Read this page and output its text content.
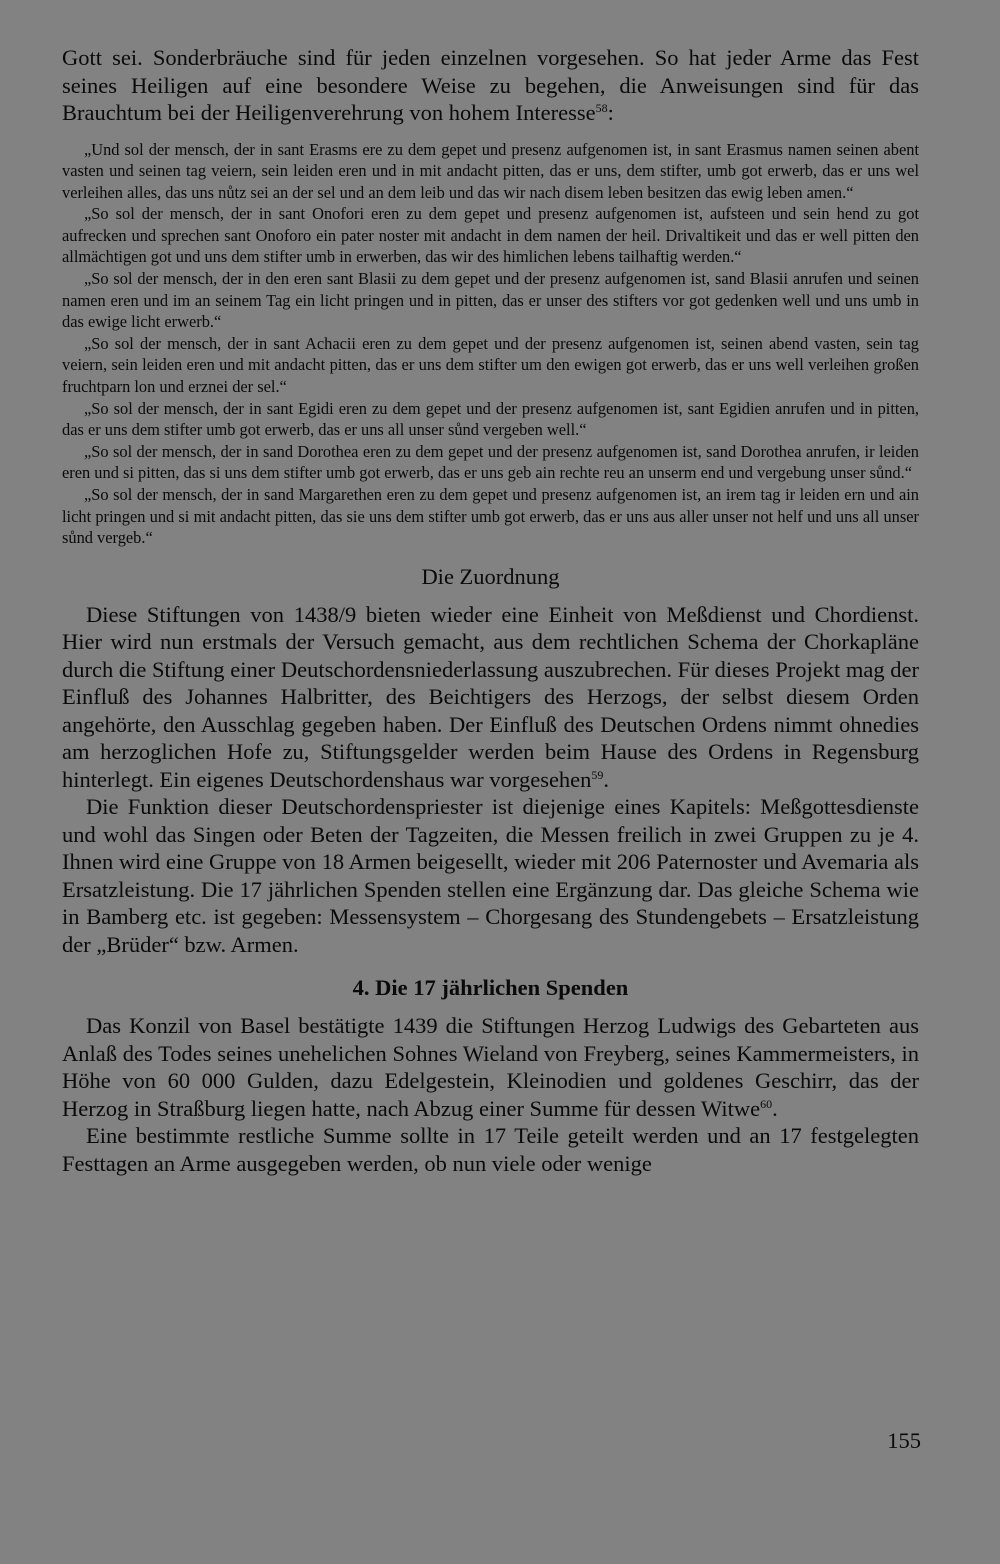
Gott sei. Sonderbräuche sind für jeden einzelnen vorgesehen. So hat jeder Arme das Fest seines Heiligen auf eine besondere Weise zu begehen, die Anweisungen sind für das Brauchtum bei der Heiligenverehrung von hohem Interesse$^{58}$:

„Und sol der mensch, der in sant Erasms ere zu dem gepet und presenz aufgenomen ist, in sant Erasmus namen seinen abent vasten und seinen tag veiern, sein leiden eren und in mit andacht pitten, das er uns, dem stifter, umb got erwerb, das er uns wel verleihen alles, das uns nůtz sei an der sel und an dem leib und das wir nach disem leben besitzen das ewig leben amen.“

„So sol der mensch, der in sant Onofori eren zu dem gepet und presenz aufgenomen ist, aufsteen und sein hend zu got aufrecken und sprechen sant Onoforo ein pater noster mit andacht in dem namen der heil. Drivaltikeit und das er well pitten den allmächtigen got und uns dem stifter umb in erwerben, das wir des himlichen lebens tailhaftig werden.“

„So sol der mensch, der in den eren sant Blasii zu dem gepet und der presenz aufgenomen ist, sand Blasii anrufen und seinen namen eren und im an seinem Tag ein licht pringen und in pitten, das er unser des stifters vor got gedenken well und uns umb in das ewige licht erwerb.“

„So sol der mensch, der in sant Achacii eren zu dem gepet und der presenz aufgenomen ist, seinen abend vasten, sein tag veiern, sein leiden eren und mit andacht pitten, das er uns dem stifter um den ewigen got erwerb, das er uns well verleihen großen fruchtparn lon und erznei der sel.“

„So sol der mensch, der in sant Egidi eren zu dem gepet und der presenz aufgenomen ist, sant Egidien anrufen und in pitten, das er uns dem stifter umb got erwerb, das er uns all unser sůnd vergeben well.“

„So sol der mensch, der in sand Dorothea eren zu dem gepet und der presenz aufgenomen ist, sand Dorothea anrufen, ir leiden eren und si pitten, das si uns dem stifter umb got erwerb, das er uns geb ain rechte reu an unserm end und vergebung unser sůnd.“

„So sol der mensch, der in sand Margarethen eren zu dem gepet und presenz aufgenomen ist, an irem tag ir leiden ern und ain licht pringen und si mit andacht pitten, das sie uns dem stifter umb got erwerb, das er uns aus aller unser not helf und uns all unser sůnd vergeb.“

Die Zuordnung

Diese Stiftungen von 1438/9 bieten wieder eine Einheit von Meßdienst und Chordienst. Hier wird nun erstmals der Versuch gemacht, aus dem rechtlichen Schema der Chorkapläne durch die Stiftung einer Deutschordensniederlassung auszubrechen. Für dieses Projekt mag der Einfluß des Johannes Halbritter, des Beichtigers des Herzogs, der selbst diesem Orden angehörte, den Ausschlag gegeben haben. Der Einfluß des Deutschen Ordens nimmt ohnedies am herzoglichen Hofe zu, Stiftungsgelder werden beim Hause des Ordens in Regensburg hinterlegt. Ein eigenes Deutschordenshaus war vorgesehen$^{59}$.

Die Funktion dieser Deutschordenspriester ist diejenige eines Kapitels: Meßgottesdienste und wohl das Singen oder Beten der Tagzeiten, die Messen freilich in zwei Gruppen zu je 4. Ihnen wird eine Gruppe von 18 Armen beigesellt, wieder mit 206 Paternoster und Avemaria als Ersatzleistung. Die 17 jährlichen Spenden stellen eine Ergänzung dar. Das gleiche Schema wie in Bamberg etc. ist gegeben: Messensystem – Chorgesang des Stundengebets – Ersatzleistung der „Brüder“ bzw. Armen.

4. Die 17 jährlichen Spenden

Das Konzil von Basel bestätigte 1439 die Stiftungen Herzog Ludwigs des Gebarteten aus Anlaß des Todes seines unehelichen Sohnes Wieland von Freyberg, seines Kammermeisters, in Höhe von 60 000 Gulden, dazu Edelgestein, Kleinodien und goldenes Geschirr, das der Herzog in Straßburg liegen hatte, nach Abzug einer Summe für dessen Witwe$^{60}$.

Eine bestimmte restliche Summe sollte in 17 Teile geteilt werden und an 17 festgelegten Festtagen an Arme ausgegeben werden, ob nun viele oder wenige

155
